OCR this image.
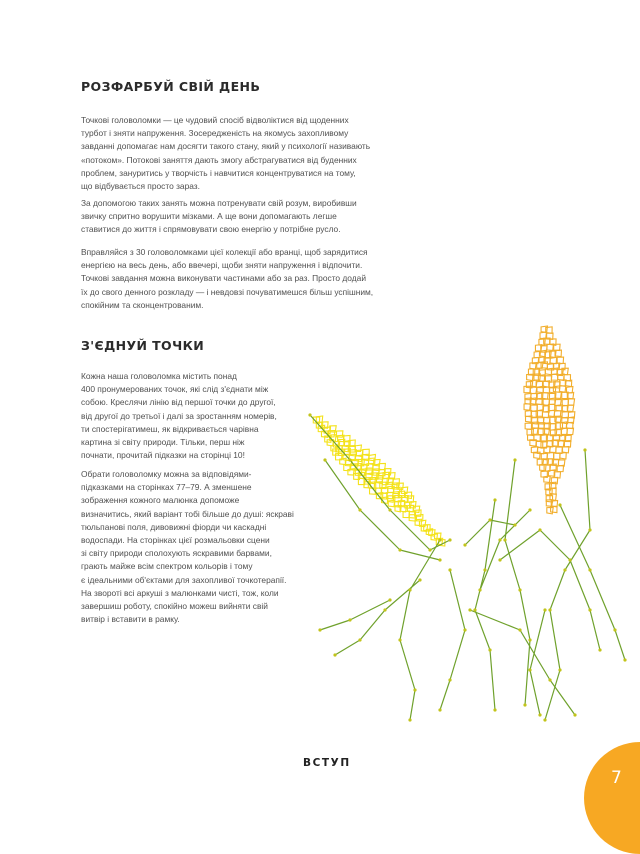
РОЗФАРБУЙ СВІЙ ДЕНЬ

Точкові головоломки — це чудовий спосіб відволіктися від щоденних
турбот і зняти напруження. Зосередженість на якомусь захопливому
завданні допомагає нам досягти такого стану, який у психології називають
«потоком». Потокові заняття дають змогу абстрагуватися від буденних
проблем, зануритись у творчість і навчитися концентруватися на тому,
що відбувається просто зараз.

За допомогою таких занять можна потренувати свій розум, виробивши
звичку спритно ворушити мізками. А ще вони допомагають легше
ставитися до життя і спрямовувати свою енергію у потрібне русло.

Вправляйся з 30 головоломками цієї колекції або вранці, щоб зарядитися
енергією на весь день, або ввечері, щоби зняти напруження і відпочити.
Точкові завдання можна виконувати частинами або за раз. Просто додай
їх до свого денного розкладу — і невдовзі почуватимешся більш успішним,
спокійним та сконцентрованим.

З'ЄДНУЙ ТОЧКИ

Кожна наша головоломка містить понад
400 пронумерованих точок, які слід з'єднати між
собою. Креслячи лінію від першої точки до другої,
від другої до третьої і далі за зростанням номерів,
ти спостерігатимеш, як відкривається чарівна
картина зі світу природи. Тільки, перш ніж
почнати, прочитай підказки на сторінці 10!

Обрати головоломку можна за відповідями-
підказками на сторінках 77–79. А зменшене
зображення кожного малюнка допоможе
визначитись, який варіант тобі більше до душі: яскраві
тюльпанові поля, дивовижні фіорди чи каскадні
водоспади. На сторінках цієї розмальовки сцени
зі світу природи сполохують яскравими барвами,
грають майже всім спектром кольорів і тому
є ідеальними об'єктами для захопливої точкотерапії.
На звороті всі аркуші з малюнками чисті, тож, коли
завершиш роботу, спокійно можеш вийняти свій
витвір і вставити в рамку.

ВСТУП
7
